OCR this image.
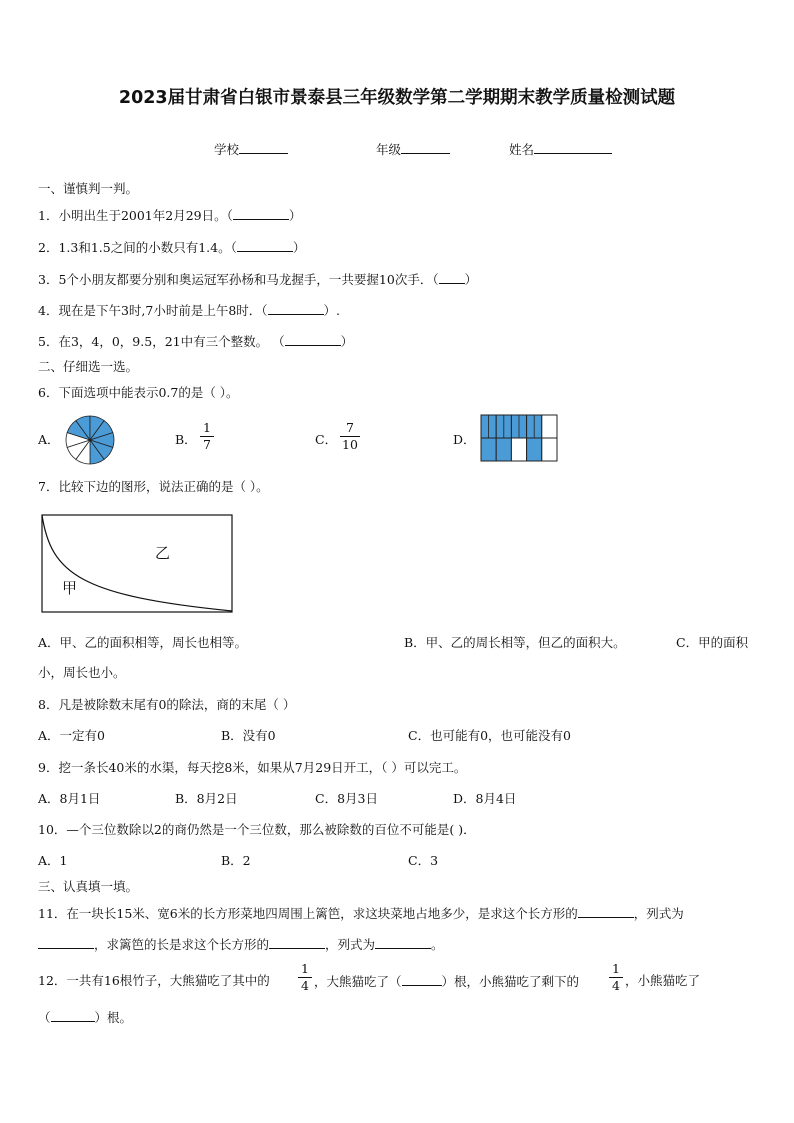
2023届甘肃省白银市景泰县三年级数学第二学期期末教学质量检测试题
学校	年级	姓名
一、谨慎判一判。
1．小明出生于2001年2月29日。（	）
2．1.3和1.5之间的小数只有1.4。（	）
3．5个小朋友都要分别和奥运冠军孙杨和马龙握手，一共要握10次手．（ ）
4．现在是下午3时,7小时前是上午8时．（	）.
5．在3，4，0，9.5，21中有三个整数。 （	）
二、仔细选一选。
6．下面选项中能表示0.7的是（ ）。
A．	B．
1
7	C．
7
10	D．
7．比较下边的图形，说法正确的是（ ）。
乙
甲
A．甲、乙的面积相等，周长也相等。	B．甲、乙的周长相等，但乙的面积大。	C．甲的面积
小，周长也小。
8．凡是被除数末尾有0的除法，商的末尾（ ）
A．一定有0	B．没有0	C．也可能有0，也可能没有0
9．挖一条长40米的水渠，每天挖8米，如果从7月29日开工，（ ）可以完工。
A．8月1日	B．8月2日	C．8月3日	D．8月4日
10．—个三位数除以2的商仍然是一个三位数，那么被除数的百位不可能是( )．
A．1	B．2	C．3
三、认真填一填。
11．在一块长15米、宽6米的长方形菜地四周围上篱笆，求这块菜地占地多少，是求这个长方形的	，列式为
，求篱笆的长是求这个长方形的	，列式为	。
12．一共有16根竹子，大熊猫吃了其中的
1
4 ，大熊猫吃了（	）根，小熊猫吃了剩下的
1
4 ，小熊猫吃了
（	）根。
